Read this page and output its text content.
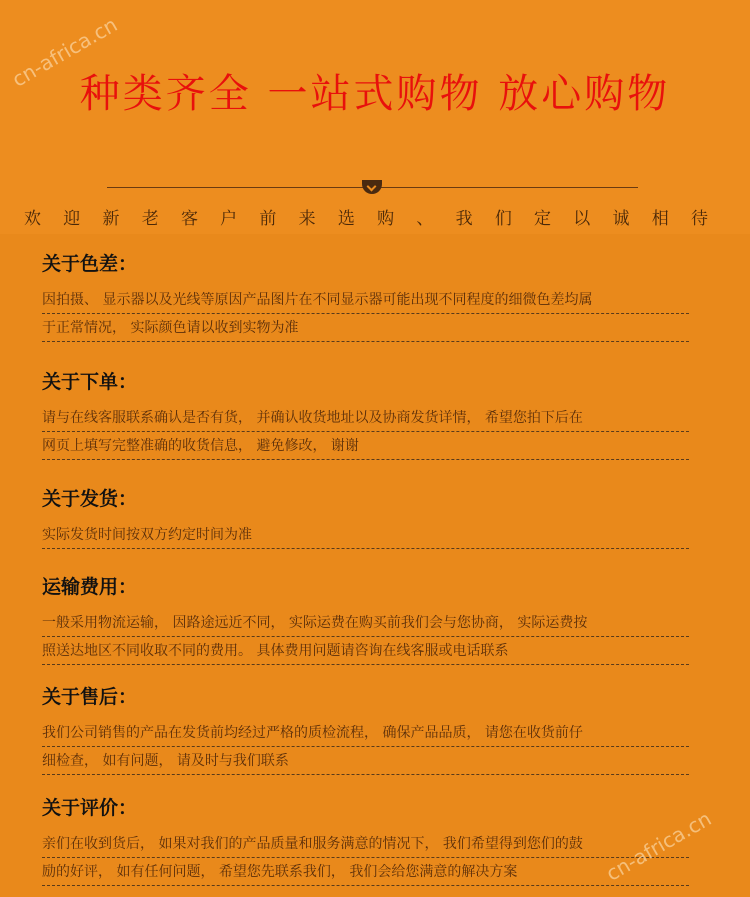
cn-africa.cn
种类齐全 一站式购物 放心购物
欢 迎 新 老 客 户 前 来 选 购 、 我 们 定 以 诚 相 待
关于色差：
因拍摄、 显示器以及光线等原因产品图片在不同显示器可能出现不同程度的细微色差均属
于正常情况， 实际颜色请以收到实物为准
关于下单：
请与在线客服联系确认是否有货， 并确认收货地址以及协商发货详情， 希望您拍下后在
网页上填写完整准确的收货信息， 避免修改， 谢谢
关于发货：
实际发货时间按双方约定时间为准
运输费用：
一般采用物流运输， 因路途远近不同， 实际运费在购买前我们会与您协商， 实际运费按
照送达地区不同收取不同的费用。 具体费用问题请咨询在线客服或电话联系
关于售后：
我们公司销售的产品在发货前均经过严格的质检流程， 确保产品品质， 请您在收货前仔
细检查， 如有问题， 请及时与我们联系
关于评价：
亲们在收到货后， 如果对我们的产品质量和服务满意的情况下， 我们希望得到您们的鼓
励的好评， 如有任何问题， 希望您先联系我们， 我们会给您满意的解决方案	cn-africa.cn
